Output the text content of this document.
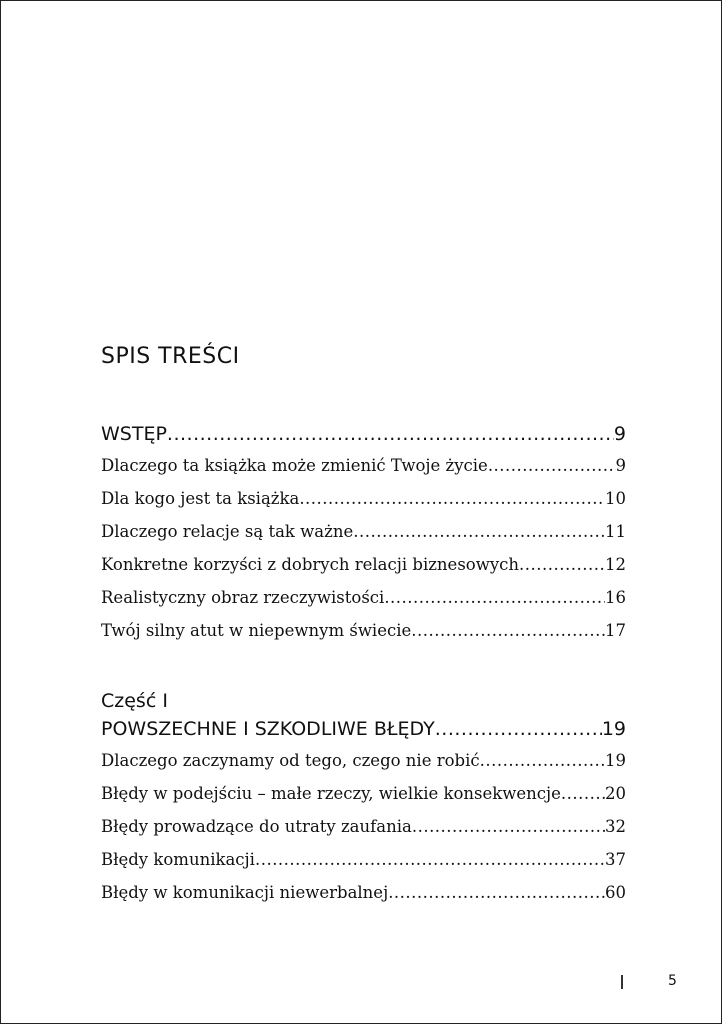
SPIS TREŚCI
WSTĘP .....	9
Dlaczego ta książka może zmienić Twoje życie .....	9
Dla kogo jest ta książka .....	10
Dlaczego relacje są tak ważne .....	11
Konkretne korzyści z dobrych relacji biznesowych .....	12
Realistyczny obraz rzeczywistości .....	16
Twój silny atut w niepewnym świecie .....	17
Część I
POWSZECHNE I SZKODLIWE BŁĘDY .....	19
Dlaczego zaczynamy od tego, czego nie robić .....	19
Błędy w podejściu – małe rzeczy, wielkie konsekwencje .....	20
Błędy prowadzące do utraty zaufania .....	32
Błędy komunikacji .....	37
Błędy w komunikacji niewerbalnej .....	60
5
